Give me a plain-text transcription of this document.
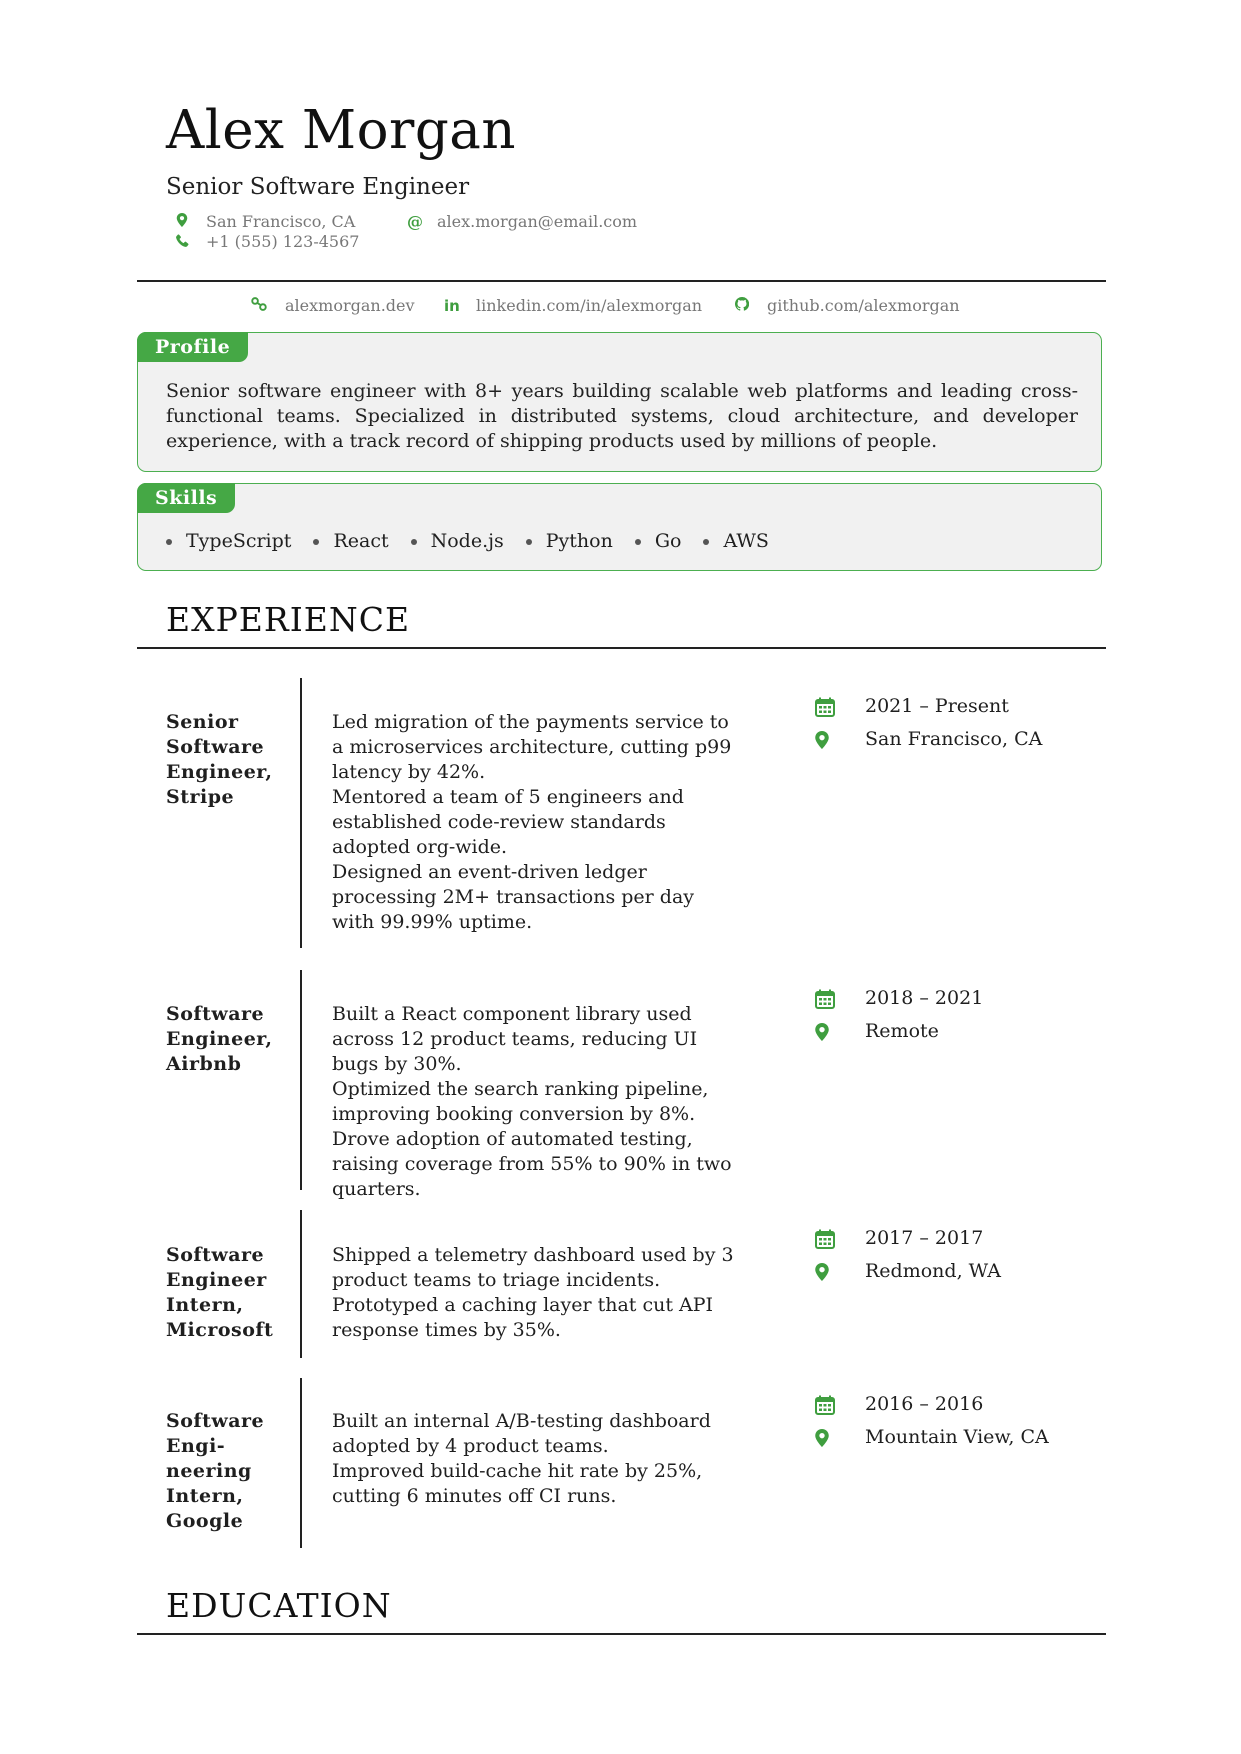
Alex Morgan
Senior Software Engineer
San Francisco, CA	@ alex.morgan@email.com
+1 (555) 123-4567
alexmorgan.dev in linkedin.com/in/alexmorgan	github.com/alexmorgan
Profile
Senior software engineer with 8+ years building scalable web platforms and leading cross-functional teams. Specialized in distributed systems, cloud architecture, and developer experience, with a track record of shipping products used by millions of people.
Skills
TypeScript React Node.js Python Go AWS
EXPERIENCE
Senior Software Engineer, Stripe
Led migration of the payments service to a microservices architecture, cutting p99 latency by 42%.
Mentored a team of 5 engineers and established code-review standards adopted org-wide.
Designed an event-driven ledger processing 2M+ transactions per day with 99.99% uptime.
2021 – Present
San Francisco, CA
Software Engineer, Airbnb
Built a React component library used across 12 product teams, reducing UI bugs by 30%.
Optimized the search ranking pipeline, improving booking conversion by 8%.
Drove adoption of automated testing, raising coverage from 55% to 90% in two quarters.
2018 – 2021
Remote
Software Engineer Intern, Microsoft
Shipped a telemetry dashboard used by 3 product teams to triage incidents.
Prototyped a caching layer that cut API response times by 35%.
2017 – 2017
Redmond, WA
Software Engi- neering Intern, Google
Built an internal A/B-testing dashboard adopted by 4 product teams.
Improved build-cache hit rate by 25%, cutting 6 minutes off CI runs.
2016 – 2016
Mountain View, CA
EDUCATION
